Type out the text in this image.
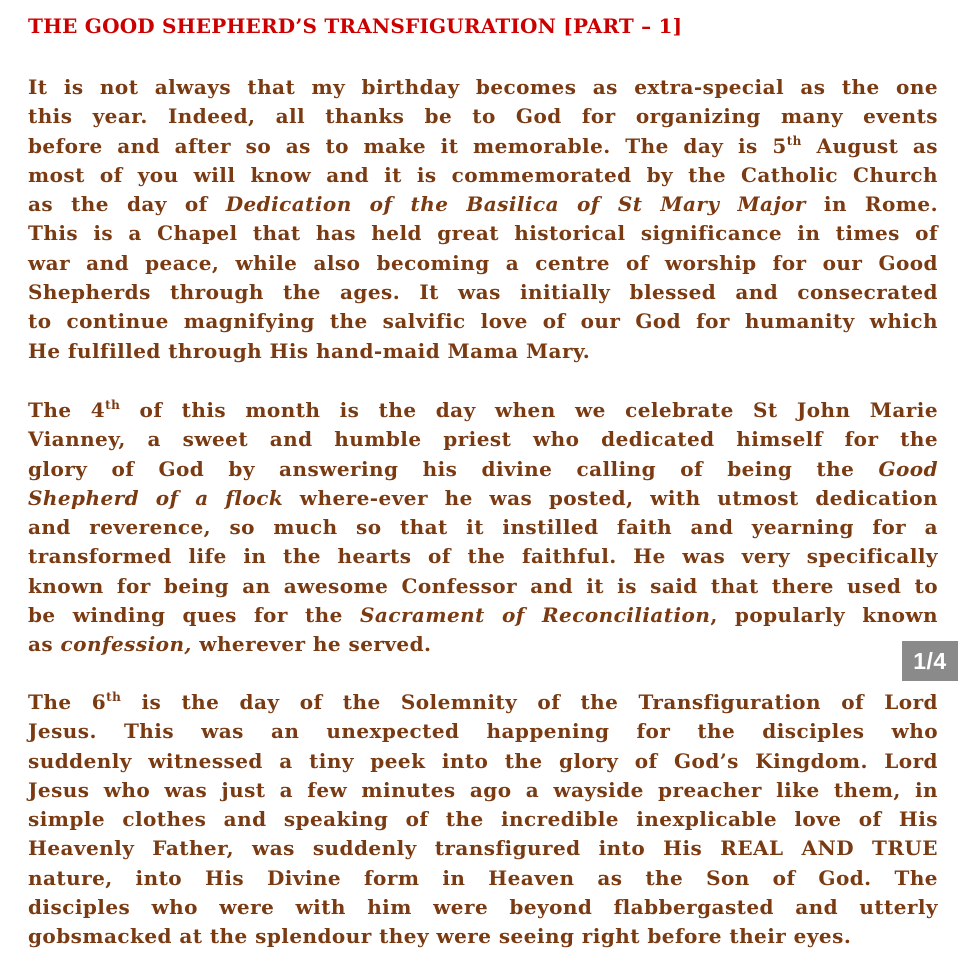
THE GOOD SHEPHERD’S TRANSFIGURATION [PART – 1]
It is not always that my birthday becomes as extra-special as the one
this year. Indeed, all thanks be to God for organizing many events
before and after so as to make it memorable. The day is 5th August as
most of you will know and it is commemorated by the Catholic Church
as the day of Dedication of the Basilica of St Mary Major in Rome.
This is a Chapel that has held great historical significance in times of
war and peace, while also becoming a centre of worship for our Good
Shepherds through the ages. It was initially blessed and consecrated
to continue magnifying the salvific love of our God for humanity which
He fulfilled through His hand-maid Mama Mary.
The 4th of this month is the day when we celebrate St John Marie
Vianney, a sweet and humble priest who dedicated himself for the
glory of God by answering his divine calling of being the Good
Shepherd of a flock where-ever he was posted, with utmost dedication
and reverence, so much so that it instilled faith and yearning for a
transformed life in the hearts of the faithful. He was very specifically
known for being an awesome Confessor and it is said that there used to
be winding ques for the Sacrament of Reconciliation, popularly known
as confession, wherever he served.
The 6th is the day of the Solemnity of the Transfiguration of Lord
Jesus. This was an unexpected happening for the disciples who
suddenly witnessed a tiny peek into the glory of God’s Kingdom. Lord
Jesus who was just a few minutes ago a wayside preacher like them, in
simple clothes and speaking of the incredible inexplicable love of His
Heavenly Father, was suddenly transfigured into His REAL AND TRUE
nature, into His Divine form in Heaven as the Son of God. The
disciples who were with him were beyond flabbergasted and utterly
gobsmacked at the splendour they were seeing right before their eyes.
1/4
